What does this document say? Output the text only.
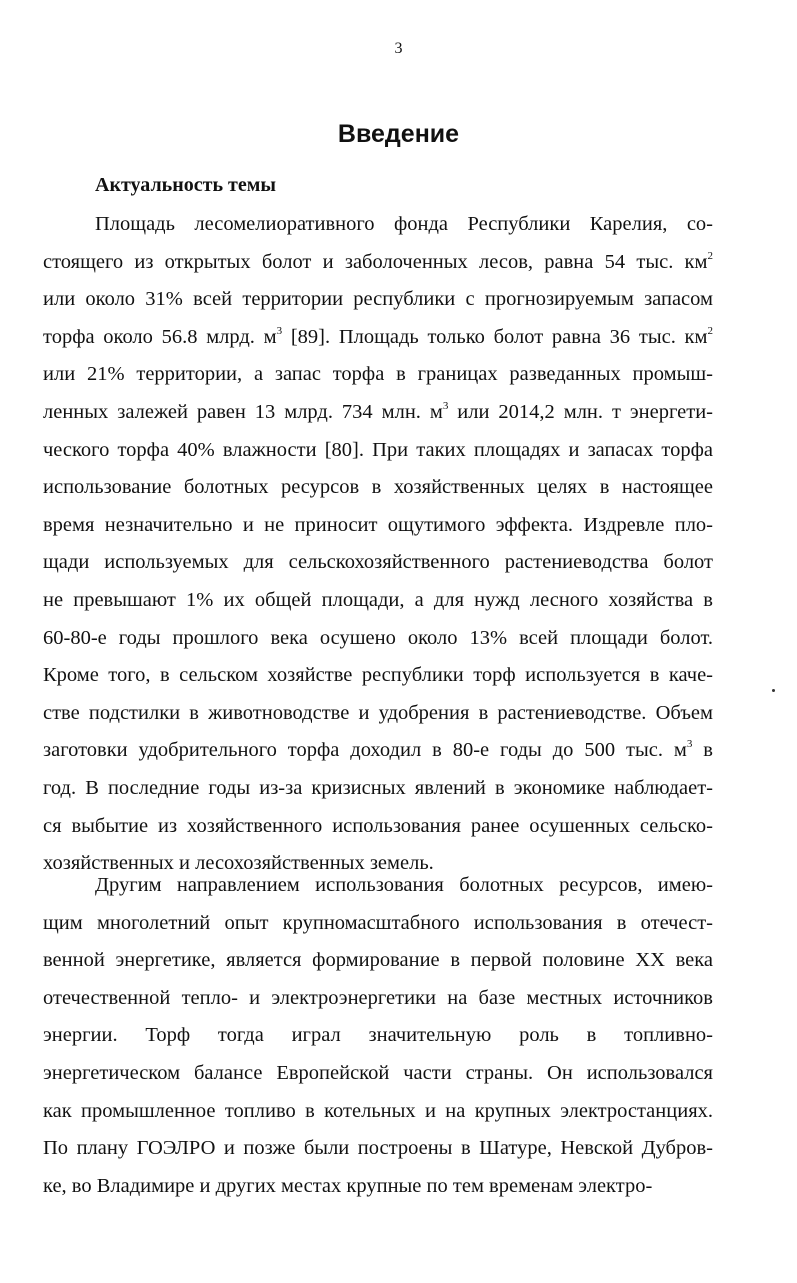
3
Введение
Актуальность темы
Площадь лесомелиоративного фонда Республики Карелия, со-
стоящего из открытых болот и заболоченных лесов, равна 54 тыс. $км^2$
или около 31% всей территории республики с прогнозируемым запасом
торфа около 56.8 млрд. $м^3$ [89]. Площадь только болот равна 36 тыс. $км^2$
или 21% территории, а запас торфа в границах разведанных промыш-
ленных залежей равен 13 млрд. 734 млн. $м^3$ или 2014,2 млн. т энергети-
ческого торфа 40% влажности [80]. При таких площадях и запасах торфа
использование болотных ресурсов в хозяйственных целях в настоящее
время незначительно и не приносит ощутимого эффекта. Издревле пло-
щади используемых для сельскохозяйственного растениеводства болот
не превышают 1% их общей площади, а для нужд лесного хозяйства в
60-80-е годы прошлого века осушено около 13% всей площади болот.
Кроме того, в сельском хозяйстве республики торф используется в каче-
стве подстилки в животноводстве и удобрения в растениеводстве. Объем
заготовки удобрительного торфа доходил в 80-е годы до 500 тыс. $м^3$ в
год. В последние годы из-за кризисных явлений в экономике наблюдает-
ся выбытие из хозяйственного использования ранее осушенных сельско-
хозяйственных и лесохозяйственных земель.
Другим направлением использования болотных ресурсов, имею-
щим многолетний опыт крупномасштабного использования в отечест-
венной энергетике, является формирование в первой половине XX века
отечественной тепло- и электроэнергетики на базе местных источников
энергии. Торф тогда играл значительную роль в топливно-
энергетическом балансе Европейской части страны. Он использовался
как промышленное топливо в котельных и на крупных электростанциях.
По плану ГОЭЛРО и позже были построены в Шатуре, Невской Дубров-
ке, во Владимире и других местах крупные по тем временам электро-
